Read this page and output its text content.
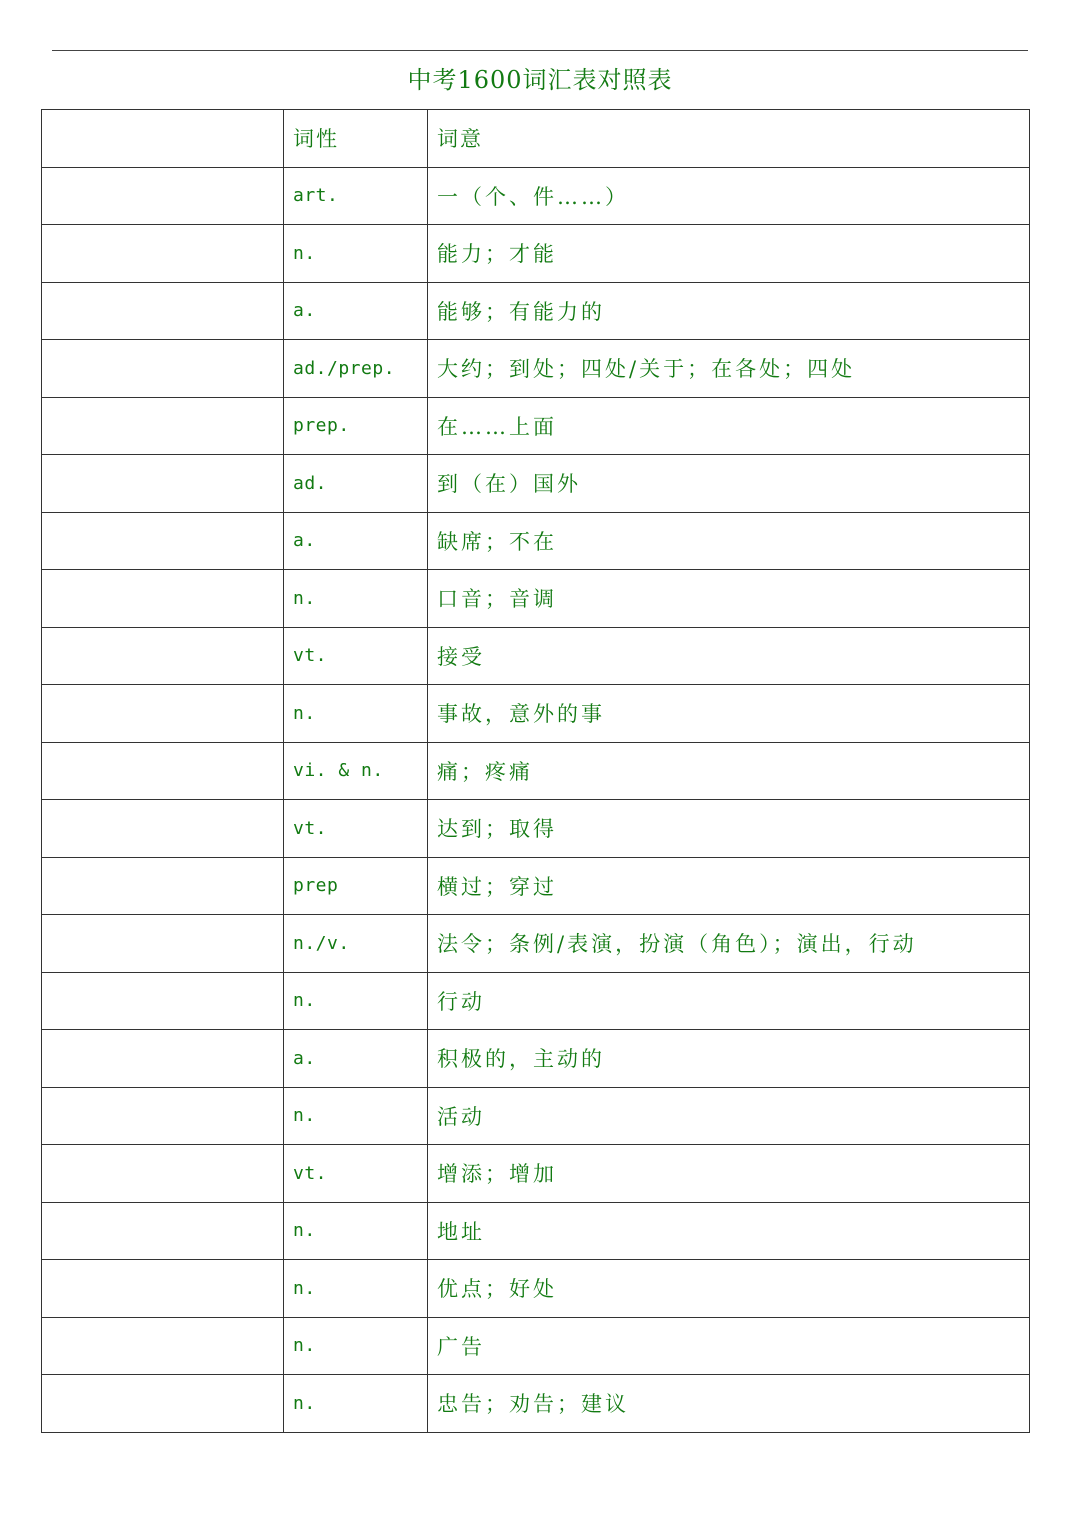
中考1600词汇表对照表
	词性	词意
	art.	一（个、件……）
	n.	能力；才能
	a.	能够；有能力的
	ad./prep.	大约；到处；四处/关于；在各处；四处
	prep.	在……上面
	ad.	到（在）国外
	a.	缺席；不在
	n.	口音；音调
	vt.	接受
	n.	事故，意外的事
	vi. & n.	痛；疼痛
	vt.	达到；取得
	prep	横过；穿过
	n./v.	法令；条例/表演，扮演（角色）；演出，行动
	n.	行动
	a.	积极的，主动的
	n.	活动
	vt.	增添；增加
	n.	地址
	n.	优点；好处
	n.	广告
	n.	忠告；劝告；建议
